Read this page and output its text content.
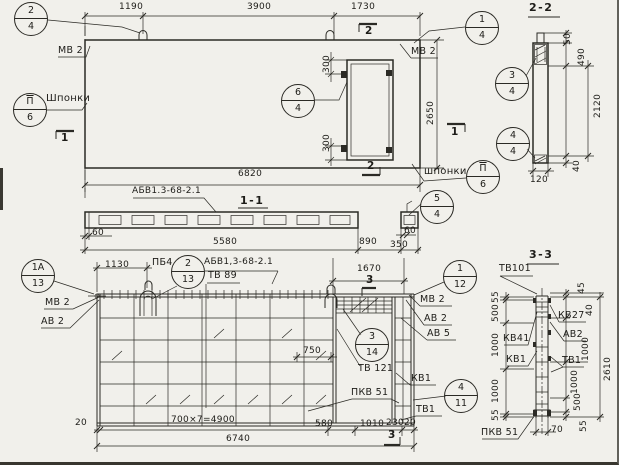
1190	3900	1730
МВ 2
Шпонки
МВ 2
2650
300
300
шпонки
6820
1	1
2
2
2-2
50
490
2120
40
120
АБВ1.3-68-2.1
1-1
60
5580	890 350
60
1130 ПБ4	АБВ1,3-68-2.1
ТВ 89
МВ 2
АВ 2
1670
МВ 2
АВ 2
АВ 5
750
ТВ 121
КВ1
ПКВ 51
ТВ1
20	700×7=4900	580	1010 230 20
6740
3
3
3-3
ТВ101
КВ41
КВ1
ПКВ 51
КВ27
АВ2
ТВ1
55
500
1000
1000
55
45
40
1000
1000
500
55
2610
70
2
4
1
4
6
4
П
6
3
4
4
4
П
6
5
4
1А
13
2
13
1
12
3
14
4
11
